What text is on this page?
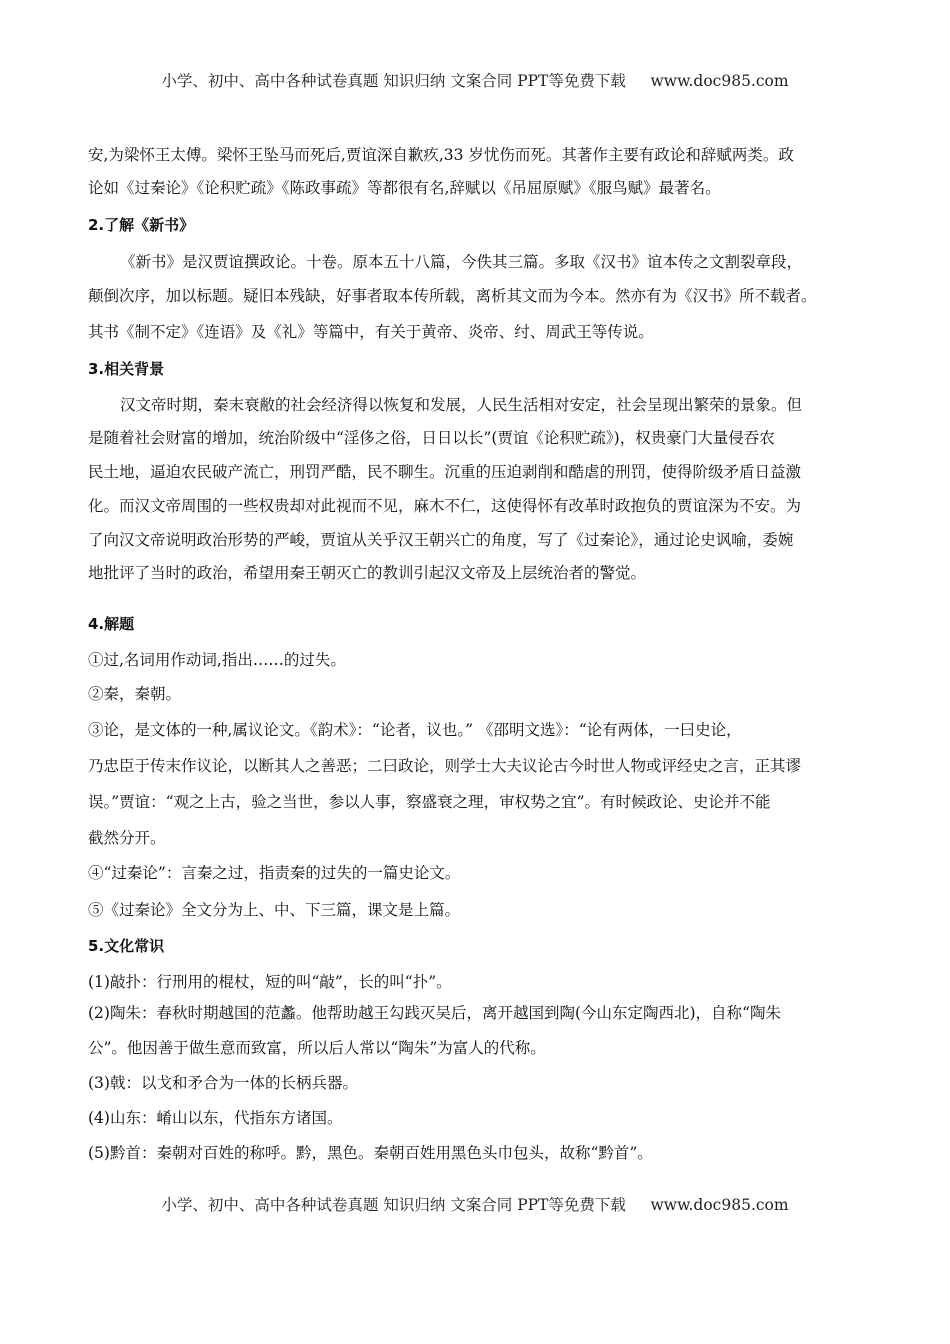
小学、初中、高中各种试卷真题 知识归纳 文案合同 PPT等免费下载 www.doc985.com
安,为梁怀王太傅。梁怀王坠马而死后,贾谊深自歉疚,33 岁忧伤而死。其著作主要有政论和辞赋两类。政
论如《过秦论》《论积贮疏》《陈政事疏》等都很有名,辞赋以《吊屈原赋》《服鸟赋》最著名。
2.了解《新书》
《新书》是汉贾谊撰政论。十卷。原本五十八篇，今佚其三篇。多取《汉书》谊本传之文割裂章段，
颠倒次序，加以标题。疑旧本残缺，好事者取本传所载，离析其文而为今本。然亦有为《汉书》所不载者。
其书《制不定》《连语》及《礼》等篇中，有关于黄帝、炎帝、纣、周武王等传说。
3.相关背景
汉文帝时期，秦末衰敝的社会经济得以恢复和发展，人民生活相对安定，社会呈现出繁荣的景象。但
是随着社会财富的增加，统治阶级中“淫侈之俗，日日以长”(贾谊《论积贮疏》)，权贵豪门大量侵吞农
民土地，逼迫农民破产流亡，刑罚严酷，民不聊生。沉重的压迫剥削和酷虐的刑罚，使得阶级矛盾日益激
化。而汉文帝周围的一些权贵却对此视而不见，麻木不仁，这使得怀有改革时政抱负的贾谊深为不安。为
了向汉文帝说明政治形势的严峻，贾谊从关乎汉王朝兴亡的角度，写了《过秦论》，通过论史讽喻，委婉
地批评了当时的政治，希望用秦王朝灭亡的教训引起汉文帝及上层统治者的警觉。
4.解题
①过,名词用作动词,指出……的过失。
②秦，秦朝。
③论，是文体的一种,属议论文。《韵术》：“论者，议也。” 《邵明文选》：“论有两体，一曰史论，
乃忠臣于传末作议论，以断其人之善恶；二曰政论，则学士大夫议论古今时世人物或评经史之言，正其谬
误。”贾谊：“观之上古，验之当世，参以人事，察盛衰之理，审权势之宜”。有时候政论、史论并不能
截然分开。
④“过秦论”：言秦之过，指责秦的过失的一篇史论文。
⑤《过秦论》全文分为上、中、下三篇，课文是上篇。
5.文化常识
(1)敲扑：行刑用的棍杖，短的叫“敲”，长的叫“扑”。
(2)陶朱：春秋时期越国的范蠡。他帮助越王勾践灭吴后，离开越国到陶(今山东定陶西北)，自称“陶朱
公”。他因善于做生意而致富，所以后人常以“陶朱”为富人的代称。
(3)戟：以戈和矛合为一体的长柄兵器。
(4)山东：崤山以东，代指东方诸国。
(5)黔首：秦朝对百姓的称呼。黔，黑色。秦朝百姓用黑色头巾包头，故称“黔首”。
小学、初中、高中各种试卷真题 知识归纳 文案合同 PPT等免费下载 www.doc985.com
